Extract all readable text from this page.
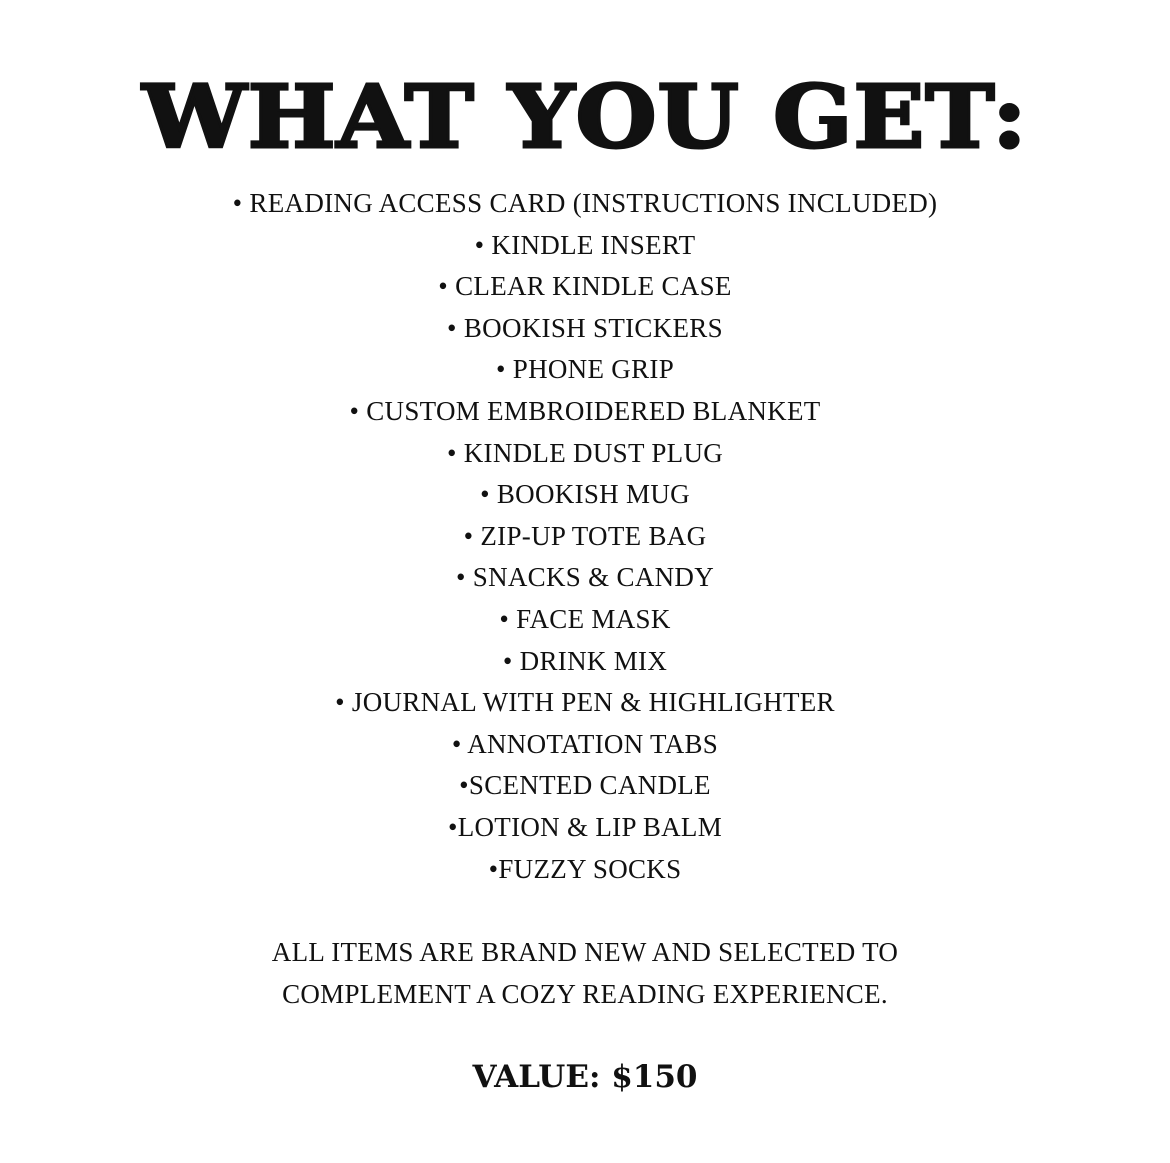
WHAT YOU GET:
• READING ACCESS CARD (INSTRUCTIONS INCLUDED)
• KINDLE INSERT
• CLEAR KINDLE CASE
• BOOKISH STICKERS
• PHONE GRIP
• CUSTOM EMBROIDERED BLANKET
• KINDLE DUST PLUG
• BOOKISH MUG
• ZIP-UP TOTE BAG
• SNACKS & CANDY
• FACE MASK
• DRINK MIX
• JOURNAL WITH PEN & HIGHLIGHTER
• ANNOTATION TABS
•SCENTED CANDLE
•LOTION & LIP BALM
•FUZZY SOCKS
ALL ITEMS ARE BRAND NEW AND SELECTED TO
COMPLEMENT A COZY READING EXPERIENCE.
VALUE: $150
